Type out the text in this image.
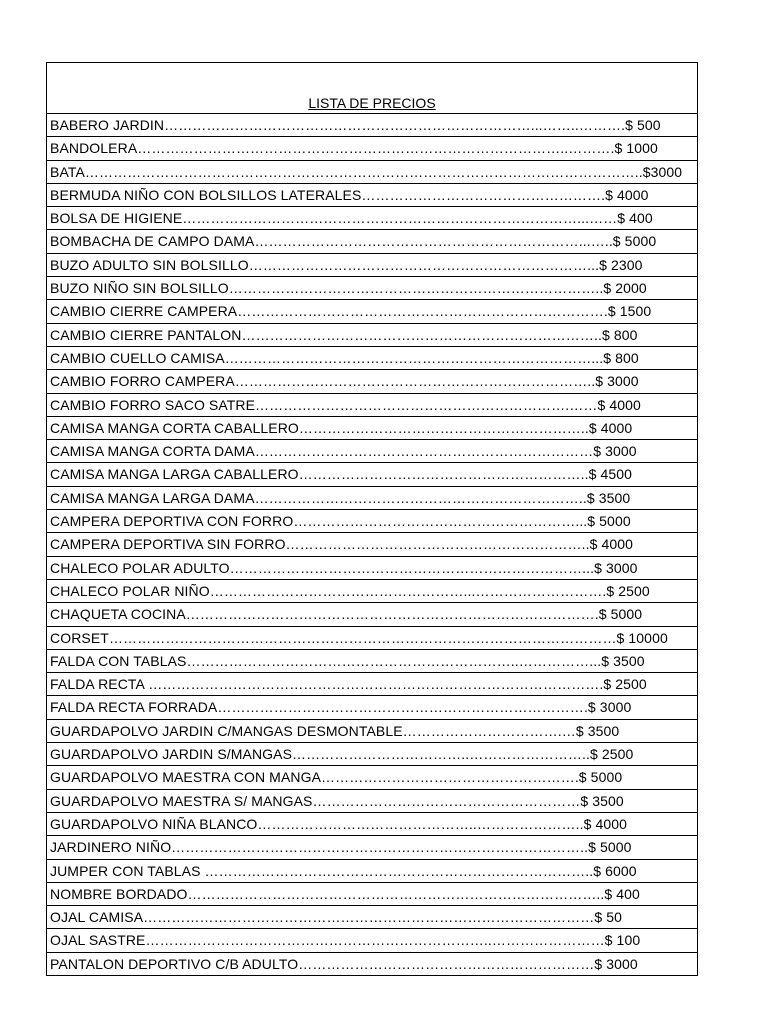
LISTA DE PRECIOS
BABERO JARDIN……………………………………………………………………...……..……….$ 500
BANDOLERA………………………………………………………………………………..……….$ 1000
BATA………………………………………………………………………………………………………..$3000
BERMUDA NIÑO CON BOLSILLOS LATERALES…………………………………………….$ 4000
BOLSA DE HIGIENE…………………………………………………………………………...……$ 400
BOMBACHA DE CAMPO DAMA……………………………………………………………...…..$ 5000
BUZO ADULTO SIN BOLSILLO………………………………………………………………...$ 2300
BUZO NIÑO SIN BOLSILLO……………………………………………………………………..$ 2000
CAMBIO CIERRE CAMPERA…………………………………………………………………….$ 1500
CAMBIO CIERRE PANTALON…………………………………………………………………..$ 800
CAMBIO CUELLO CAMISA……………………………………………………………………...$ 800
CAMBIO FORRO CAMPERA…………………………………………………………………..$ 3000
CAMBIO FORRO SACO SATRE………………………………………………………….……$ 4000
CAMISA MANGA CORTA CABALLERO……………………………………………………..$ 4000
CAMISA MANGA CORTA DAMA………………………………………………………………$ 3000
CAMISA MANGA LARGA CABALLERO……………………………………………………..$ 4500
CAMISA MANGA LARGA DAMA……………………………………………………………..$ 3500
CAMPERA DEPORTIVA CON FORRO……………………………………………………...$ 5000
CAMPERA DEPORTIVA SIN FORRO………………………………………………………..$ 4000
CHALECO POLAR ADULTO…………………………………………………………………...$ 3000
CHALECO POLAR NIÑO………………………………………………...……………………….$ 2500
CHAQUETA COCINA…………………………………………………………………………….$ 5000
CORSET………………………………………………………………………………………………$ 10000
FALDA CON TABLAS……………………………………………………………..……………...$ 3500
FALDA RECTA …………………………………………………………………………………….$ 2500
FALDA RECTA FORRADA…………………………………………………………………….$ 3000
GUARDAPOLVO JARDIN C/MANGAS DESMONTABLE…………………………….…$ 3500
GUARDAPOLVO JARDIN S/MANGAS………………………………..……………………..$ 2500
GUARDAPOLVO MAESTRA CON MANGA……………………………………………….$ 5000
GUARDAPOLVO MAESTRA S/ MANGAS…………………………………………………$ 3500
GUARDAPOLVO NIÑA BLANCO………………………………………..…………………..$ 4000
JARDINERO NIÑO……………………………………………………………………………..$ 5000
JUMPER CON TABLAS ………………………………………………………………………..$ 6000
NOMBRE BORDADO……………………………………………………………………………..$ 400
OJAL CAMISA……………………………………………………………………………………$ 50
OJAL SASTRE………………………………………………………………..……………………$ 100
PANTALON DEPORTIVO C/B ADULTO………………………………………………………$ 3000
